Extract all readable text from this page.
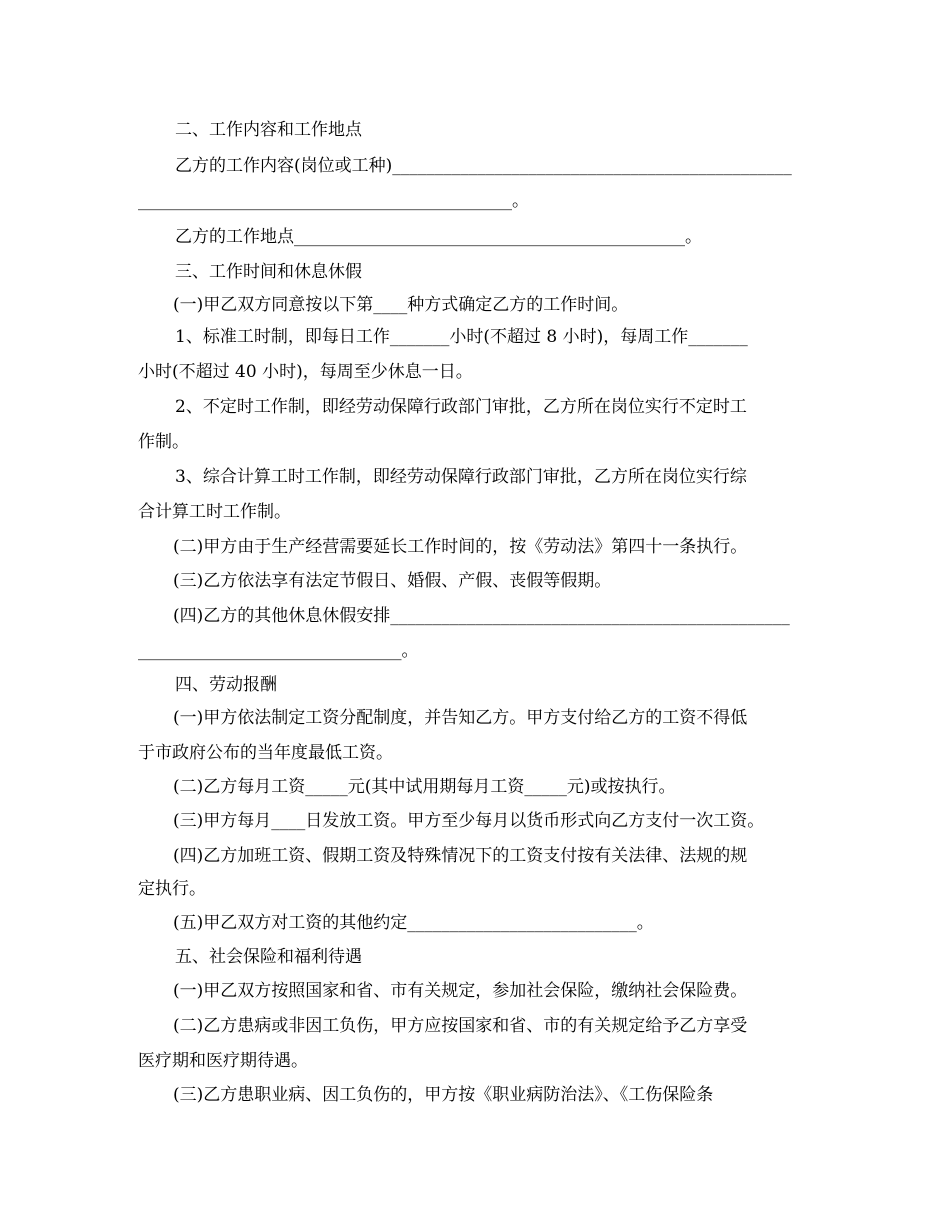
二、工作内容和工作地点
乙方的工作内容(岗位或工种)_______________________________________________
____________________________________________。
乙方的工作地点______________________________________________。
三、工作时间和休息休假
(一)甲乙双方同意按以下第____种方式确定乙方的工作时间。
1、标准工时制，即每日工作_______小时(不超过 8 小时)，每周工作_______
小时(不超过 40 小时)，每周至少休息一日。
2、不定时工作制，即经劳动保障行政部门审批，乙方所在岗位实行不定时工
作制。
3、综合计算工时工作制，即经劳动保障行政部门审批，乙方所在岗位实行综
合计算工时工作制。
(二)甲方由于生产经营需要延长工作时间的，按《劳动法》第四十一条执行。
(三)乙方依法享有法定节假日、婚假、产假、丧假等假期。
(四)乙方的其他休息休假安排_______________________________________________
_______________________________。
四、劳动报酬
(一)甲方依法制定工资分配制度，并告知乙方。甲方支付给乙方的工资不得低
于市政府公布的当年度最低工资。
(二)乙方每月工资_____元(其中试用期每月工资_____元)或按执行。
(三)甲方每月____日发放工资。甲方至少每月以货币形式向乙方支付一次工资。
(四)乙方加班工资、假期工资及特殊情况下的工资支付按有关法律、法规的规
定执行。
(五)甲乙双方对工资的其他约定___________________________。
五、社会保险和福利待遇
(一)甲乙双方按照国家和省、市有关规定，参加社会保险，缴纳社会保险费。
(二)乙方患病或非因工负伤，甲方应按国家和省、市的有关规定给予乙方享受
医疗期和医疗期待遇。
(三)乙方患职业病、因工负伤的，甲方按《职业病防治法》、《工伤保险条
